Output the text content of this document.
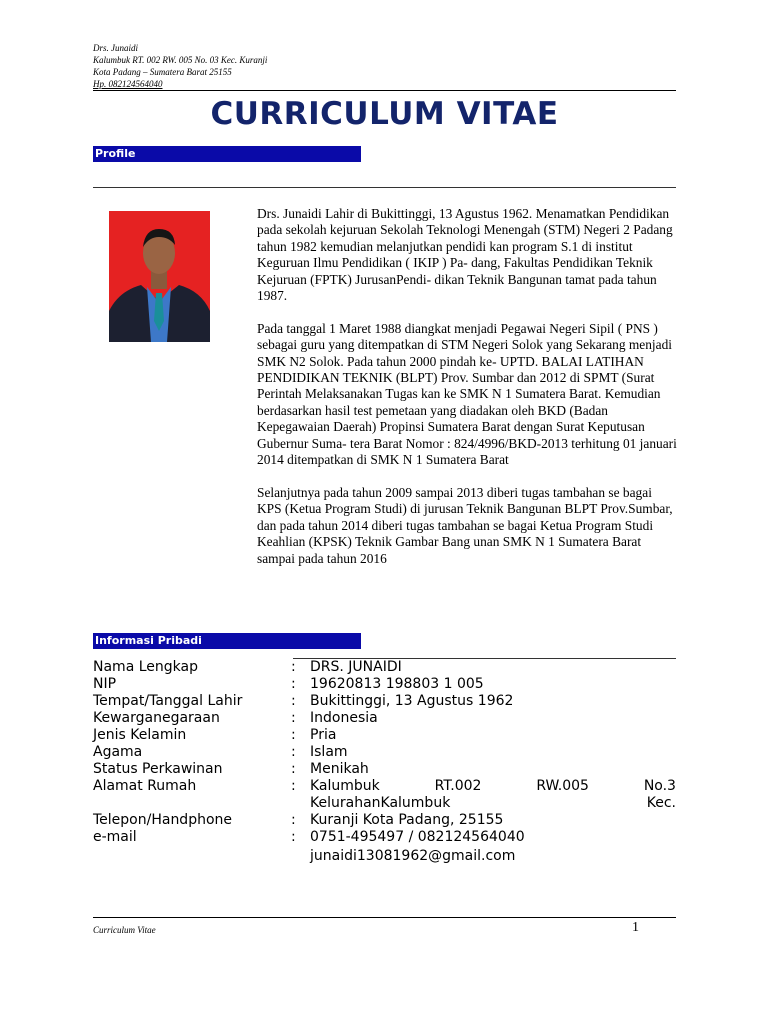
Drs. Junaidi
Kalumbuk RT. 002 RW. 005 No. 03 Kec. Kuranji
Kota Padang – Sumatera Barat 25155
Hp. 082124564040
CURRICULUM VITAE
Profile

Drs. Junaidi Lahir di Bukittinggi, 13 Agustus 1962. Menamatkan Pendidikan pada sekolah kejuruan Sekolah Teknologi Menengah (STM) Negeri 2 Padang tahun 1982 kemudian melanjutkan pendidi kan program S.1 di institut Keguruan Ilmu Pendidikan ( IKIP ) Pa- dang, Fakultas Pendidikan Teknik Kejuruan (FPTK) JurusanPendi- dikan Teknik Bangunan tamat pada tahun 1987.

Pada tanggal 1 Maret 1988 diangkat menjadi Pegawai Negeri Sipil ( PNS ) sebagai guru yang ditempatkan di STM Negeri Solok yang Sekarang menjadi SMK N2 Solok. Pada tahun 2000 pindah ke- UPTD. BALAI LATIHAN PENDIDIKAN TEKNIK (BLPT) Prov. Sumbar dan 2012 di SPMT (Surat Perintah Melaksanakan Tugas kan ke SMK N 1 Sumatera Barat. Kemudian berdasarkan hasil test pemetaan yang diadakan oleh BKD (Badan Kepegawaian Daerah) Propinsi Sumatera Barat dengan Surat Keputusan Gubernur Suma- tera Barat Nomor : 824/4996/BKD-2013 terhitung 01 januari 2014 ditempatkan di SMK N 1 Sumatera Barat

Selanjutnya pada tahun 2009 sampai 2013 diberi tugas tambahan se bagai KPS (Ketua Program Studi) di jurusan Teknik Bangunan BLPT Prov.Sumbar, dan pada tahun 2014 diberi tugas tambahan se bagai Ketua Program Studi Keahlian (KPSK) Teknik Gambar Bang unan SMK N 1 Sumatera Barat sampai pada tahun 2016

Informasi Pribadi
Nama Lengkap	: DRS. JUNAIDI
NIP	: 19620813 198803 1 005
Tempat/Tanggal Lahir	: Bukittinggi, 13 Agustus 1962
Kewarganegaraan	: Indonesia
Jenis Kelamin	: Pria
Agama	: Islam
Status Perkawinan	: Menikah
Alamat Rumah	: Kalumbuk	RT.002	RW.005	No.3
KelurahanKalumbuk	Kec.
Telepon/Handphone	: Kuranji Kota Padang, 25155
e-mail	: 0751-495497 / 082124564040
junaidi13081962@gmail.com
Curriculum Vitae	1
